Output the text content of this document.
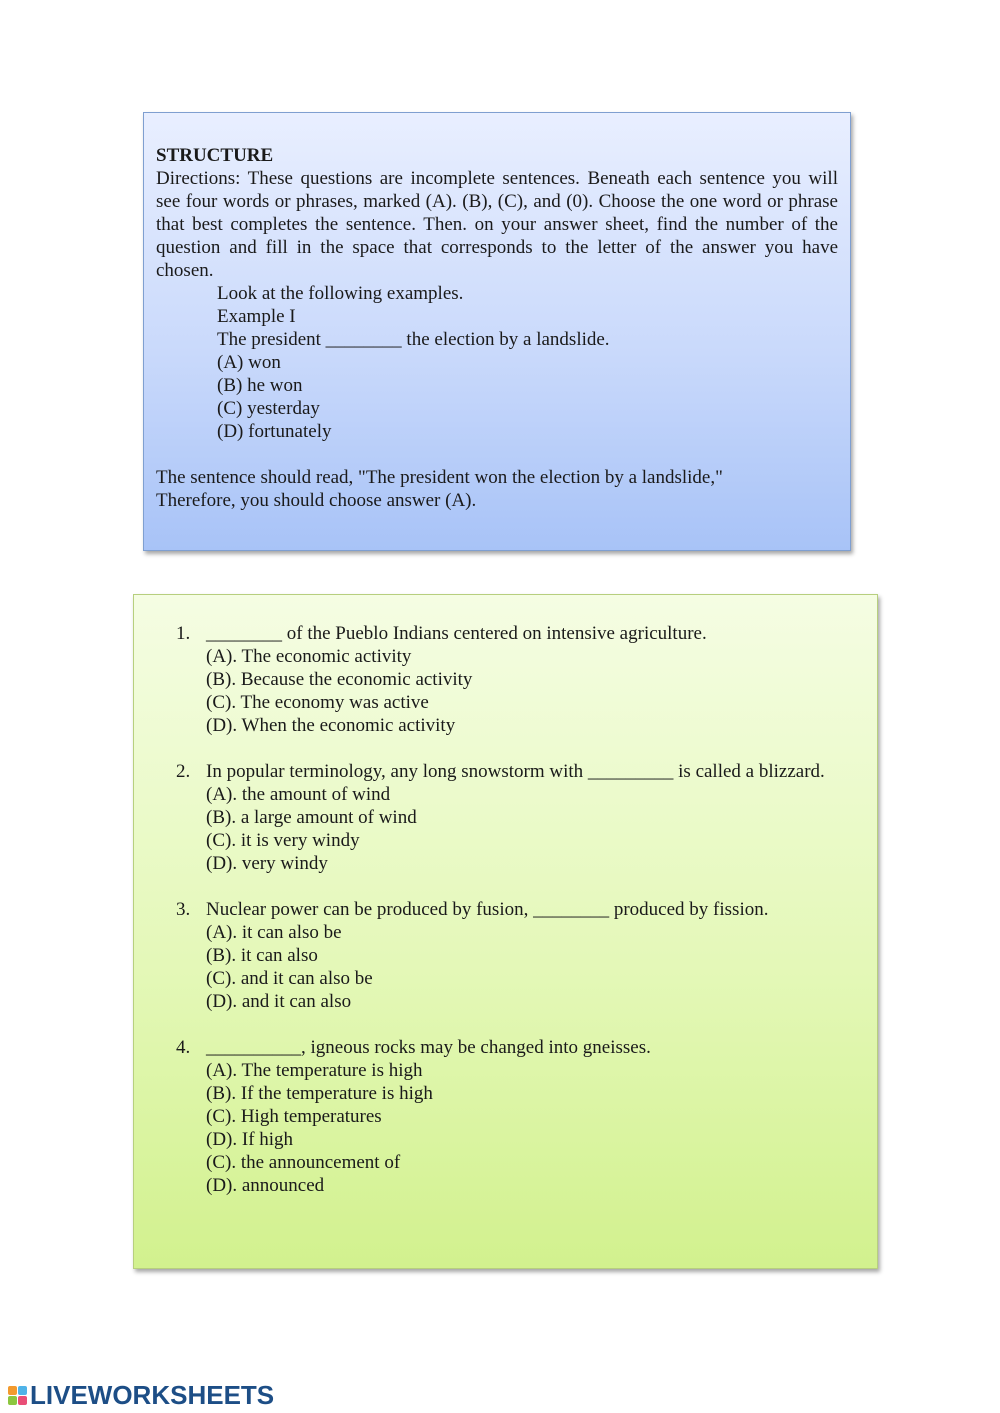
STRUCTURE
Directions: These questions are incomplete sentences. Beneath each sentence you will see four words or phrases, marked (A). (B), (C), and (0). Choose the one word or phrase that best completes the sentence. Then. on your answer sheet, find the number of the question and fill in the space that corresponds to the letter of the answer you have chosen.
Look at the following examples.
Example I
The president ________ the election by a landslide.
(A) won
(B) he won
(C) yesterday
(D) fortunately
The sentence should read, "The president won the election by a landslide,"
Therefore, you should choose answer (A).
1. ________ of the Pueblo Indians centered on intensive agriculture.
(A). The economic activity
(B). Because the economic activity
(C). The economy was active
(D). When the economic activity
2. In popular terminology, any long snowstorm with _________ is called a blizzard.
(A). the amount of wind
(B). a large amount of wind
(C). it is very windy
(D). very windy
3. Nuclear power can be produced by fusion, ________ produced by fission.
(A). it can also be
(B). it can also
(C). and it can also be
(D). and it can also
4. __________, igneous rocks may be changed into gneisses.
(A). The temperature is high
(B). If the temperature is high
(C). High temperatures
(D). If high
(C). the announcement of
(D). announced
LIVEWORKSHEETS
